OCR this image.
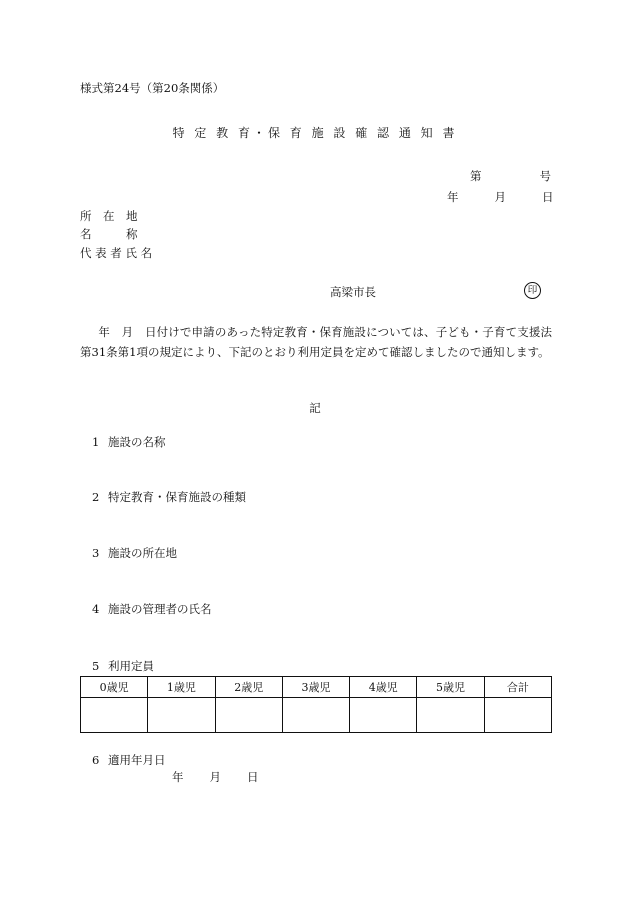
様式第24号（第20条関係）
特 定 教 育・保 育 施 設 確 認 通 知 書
第	号
年	月	日
所　在　地
名　　　称
代 表 者 氏 名
高梁市長	印
年　月　日付けで申請のあった特定教育・保育施設については、子ども・子育て支援法第31条第1項の規定により、下記のとおり利用定員を定めて確認しましたので通知します。
記
1 施設の名称
2 特定教育・保育施設の種類
3 施設の所在地
4 施設の管理者の氏名
5 利用定員
0歳児	1歳児	2歳児	3歳児	4歳児	5歳児	合計

6 適用年月日
年 月 日
